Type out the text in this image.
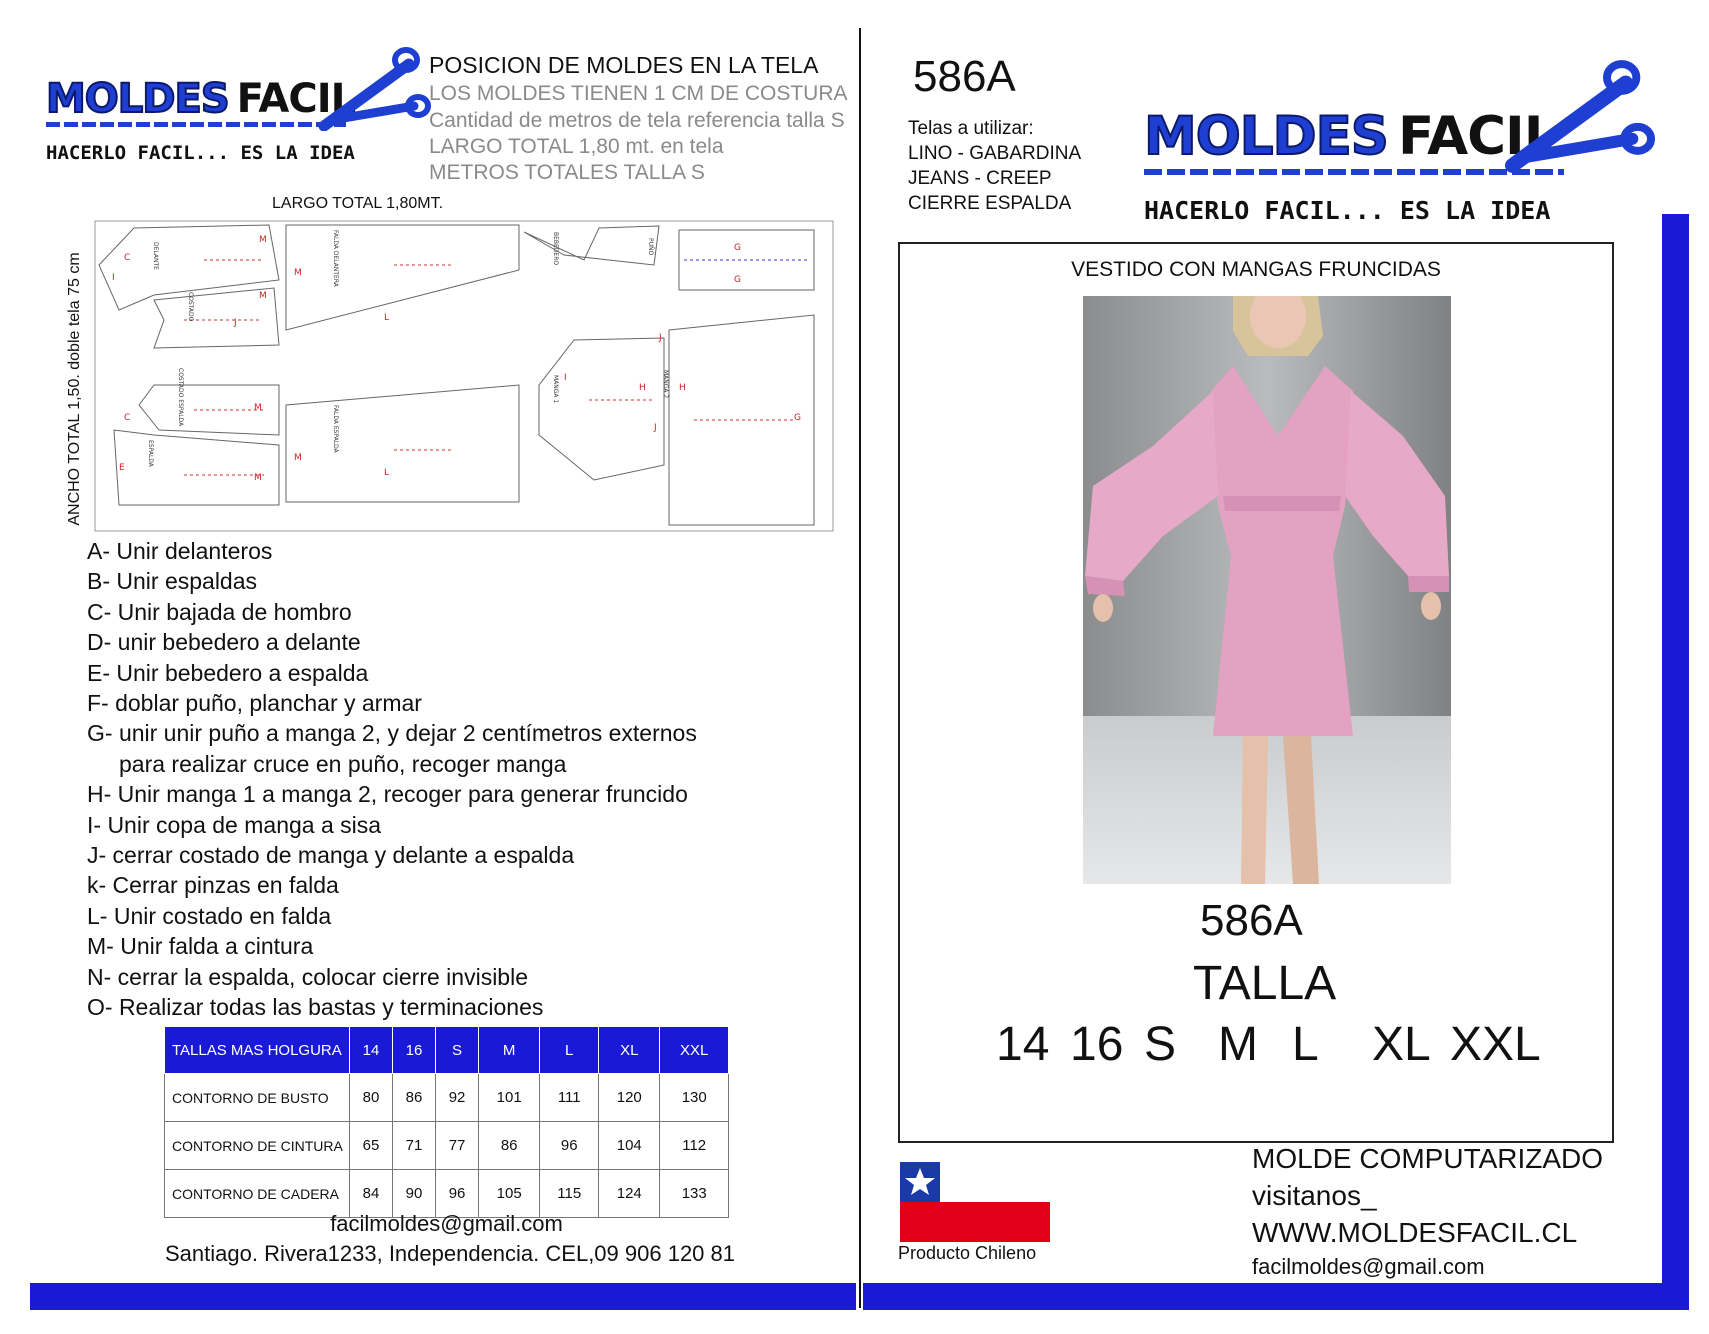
MOLDES FACIL
HACERLO FACIL... ES LA IDEA
POSICION DE MOLDES EN LA TELA
LOS MOLDES TIENEN 1 CM DE COSTURA
Cantidad de metros de tela referencia talla S
LARGO TOTAL 1,80 mt. en tela
METROS TOTALES TALLA S
LARGO TOTAL 1,80MT.
ANCHO TOTAL 1,50. doble tela 75 cm
M
M
M
M
M
M
C
I
C
E
J
J
J
I
G
G
G
L
L
H	H
DELANTE
COSTADO
FALDA DELANTERA	BEBEDERO	PUÑO
COSTADO ESPALDA
ESPALDA
FALDA ESPALDA
MANGA 1	MANGA 2
A- Unir delanteros
B- Unir espaldas
C- Unir bajada de hombro
D- unir bebedero a delante
E- Unir bebedero a espalda
F- doblar puño, planchar y armar
G- unir unir puño a manga 2, y dejar 2 centímetros externos
para realizar cruce en puño, recoger manga
H- Unir manga 1 a manga 2, recoger para generar fruncido
I- Unir copa de manga a sisa
J- cerrar costado de manga y delante a espalda
k- Cerrar pinzas en falda
L- Unir costado en falda
M- Unir falda a cintura
N- cerrar la espalda, colocar cierre invisible
O- Realizar todas las bastas y terminaciones
TALLAS MAS HOLGURA	14	16	S	M	L	XL	XXL
CONTORNO DE BUSTO	80	86	92	101	111	120	130
CONTORNO DE CINTURA	65	71	77	86	96	104	112
CONTORNO DE CADERA	84	90	96	105	115	124	133
facilmoldes@gmail.com
Santiago. Rivera1233, Independencia. CEL,09 906 120 81
586A
Telas a utilizar:
LINO - GABARDINA
JEANS - CREEP
CIERRE ESPALDA
MOLDES FACIL
HACERLO FACIL... ES LA IDEA
VESTIDO CON MANGAS FRUNCIDAS
586A
TALLA
14 16 S M L XL XXL
Producto Chileno
MOLDE COMPUTARIZADO
visitanos_
WWW.MOLDESFACIL.CL
facilmoldes@gmail.com
